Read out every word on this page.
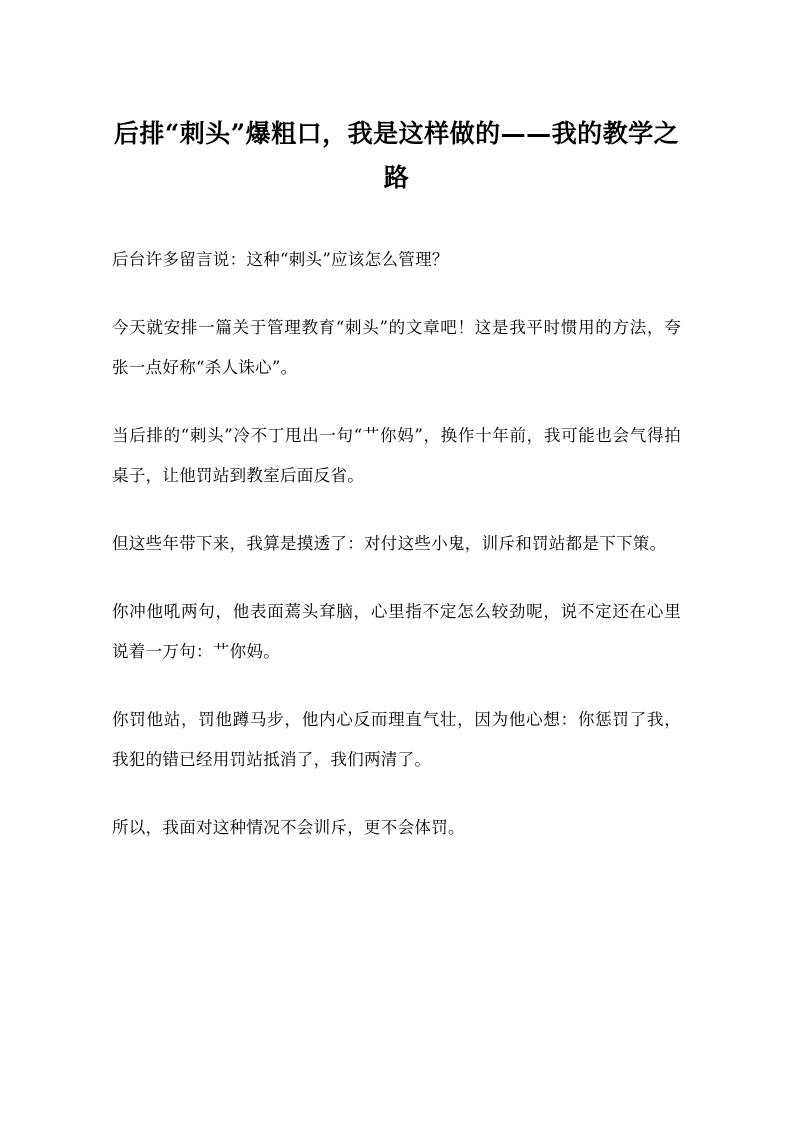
后排“刺头”爆粗口，我是这样做的——我的教学之路

后台许多留言说：这种“刺头”应该怎么管理？

今天就安排一篇关于管理教育“刺头”的文章吧！这是我平时惯用的方法，夸张一点好称“杀人诛心”。

当后排的“刺头”冷不丁甩出一句“艹你妈”，换作十年前，我可能也会气得拍桌子，让他罚站到教室后面反省。

但这些年带下来，我算是摸透了：对付这些小鬼，训斥和罚站都是下下策。

你冲他吼两句，他表面蔫头耷脑，心里指不定怎么较劲呢，说不定还在心里说着一万句：艹你妈。

你罚他站，罚他蹲马步，他内心反而理直气壮，因为他心想：你惩罚了我，我犯的错已经用罚站抵消了，我们两清了。

所以，我面对这种情况不会训斥，更不会体罚。
